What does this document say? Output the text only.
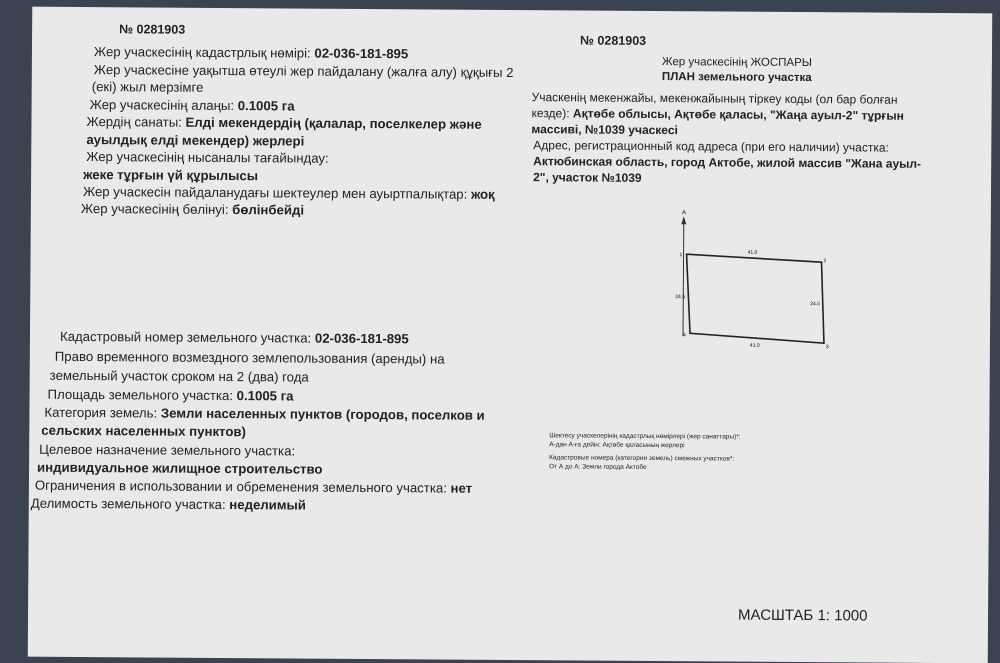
№ 0281903
Жер учаскесінің кадастрлық нөмірі: 02-036-181-895
Жер учаскесіне уақытша өтеулі жер пайдалану (жалға алу) құқығы 2
(екі) жыл мерзімге
Жер учаскесінің алаңы: 0.1005 га
Жердің санаты: Елді мекендердің (қалалар, поселкелер және
ауылдық елді мекендер) жерлері
Жер учаскесінің нысаналы тағайындау:
жеке тұрғын үй құрылысы
Жер учаскесін пайдаланудағы шектеулер мен ауыртпалықтар: жоқ
Жер учаскесінің бөлінуі: бөлінбейді
Кадастровый номер земельного участка: 02-036-181-895
Право временного возмездного землепользования (аренды) на
земельный участок сроком на 2 (два) года
Площадь земельного участка: 0.1005 га
Категория земель: Земли населенных пунктов (городов, поселков и
сельских населенных пунктов)
Целевое назначение земельного участка:
индивидуальное жилищное строительство
Ограничения в использовании и обременения земельного участка: нет
Делимость земельного участка: неделимый
№ 0281903
Жер учаскесінің ЖОСПАРЫ
ПЛАН земельного участка
Учаскенің мекенжайы, мекенжайының тіркеу коды (ол бар болған
кезде): Ақтөбе облысы, Ақтөбе қаласы, "Жаңа ауыл-2" тұрғын
массиві, №1039 учаскесі
Адрес, регистрационный код адреса (при его наличии) участка:
Актюбинская область, город Актобе, жилой массив "Жана ауыл-
2", участок №1039
А
1
2
3
4
41.0
41.0
24.5
24.5
Шектесу учаскелерінің кадастрлық нөмірлері (жер санаттары)*:
А-дан А-ға дейін: Ақтөбе қаласының жерлері
Кадастровые номера (категории земель) смежных участков*:
От А до А: Земли города Актобе
МАСШТАБ 1: 1000
